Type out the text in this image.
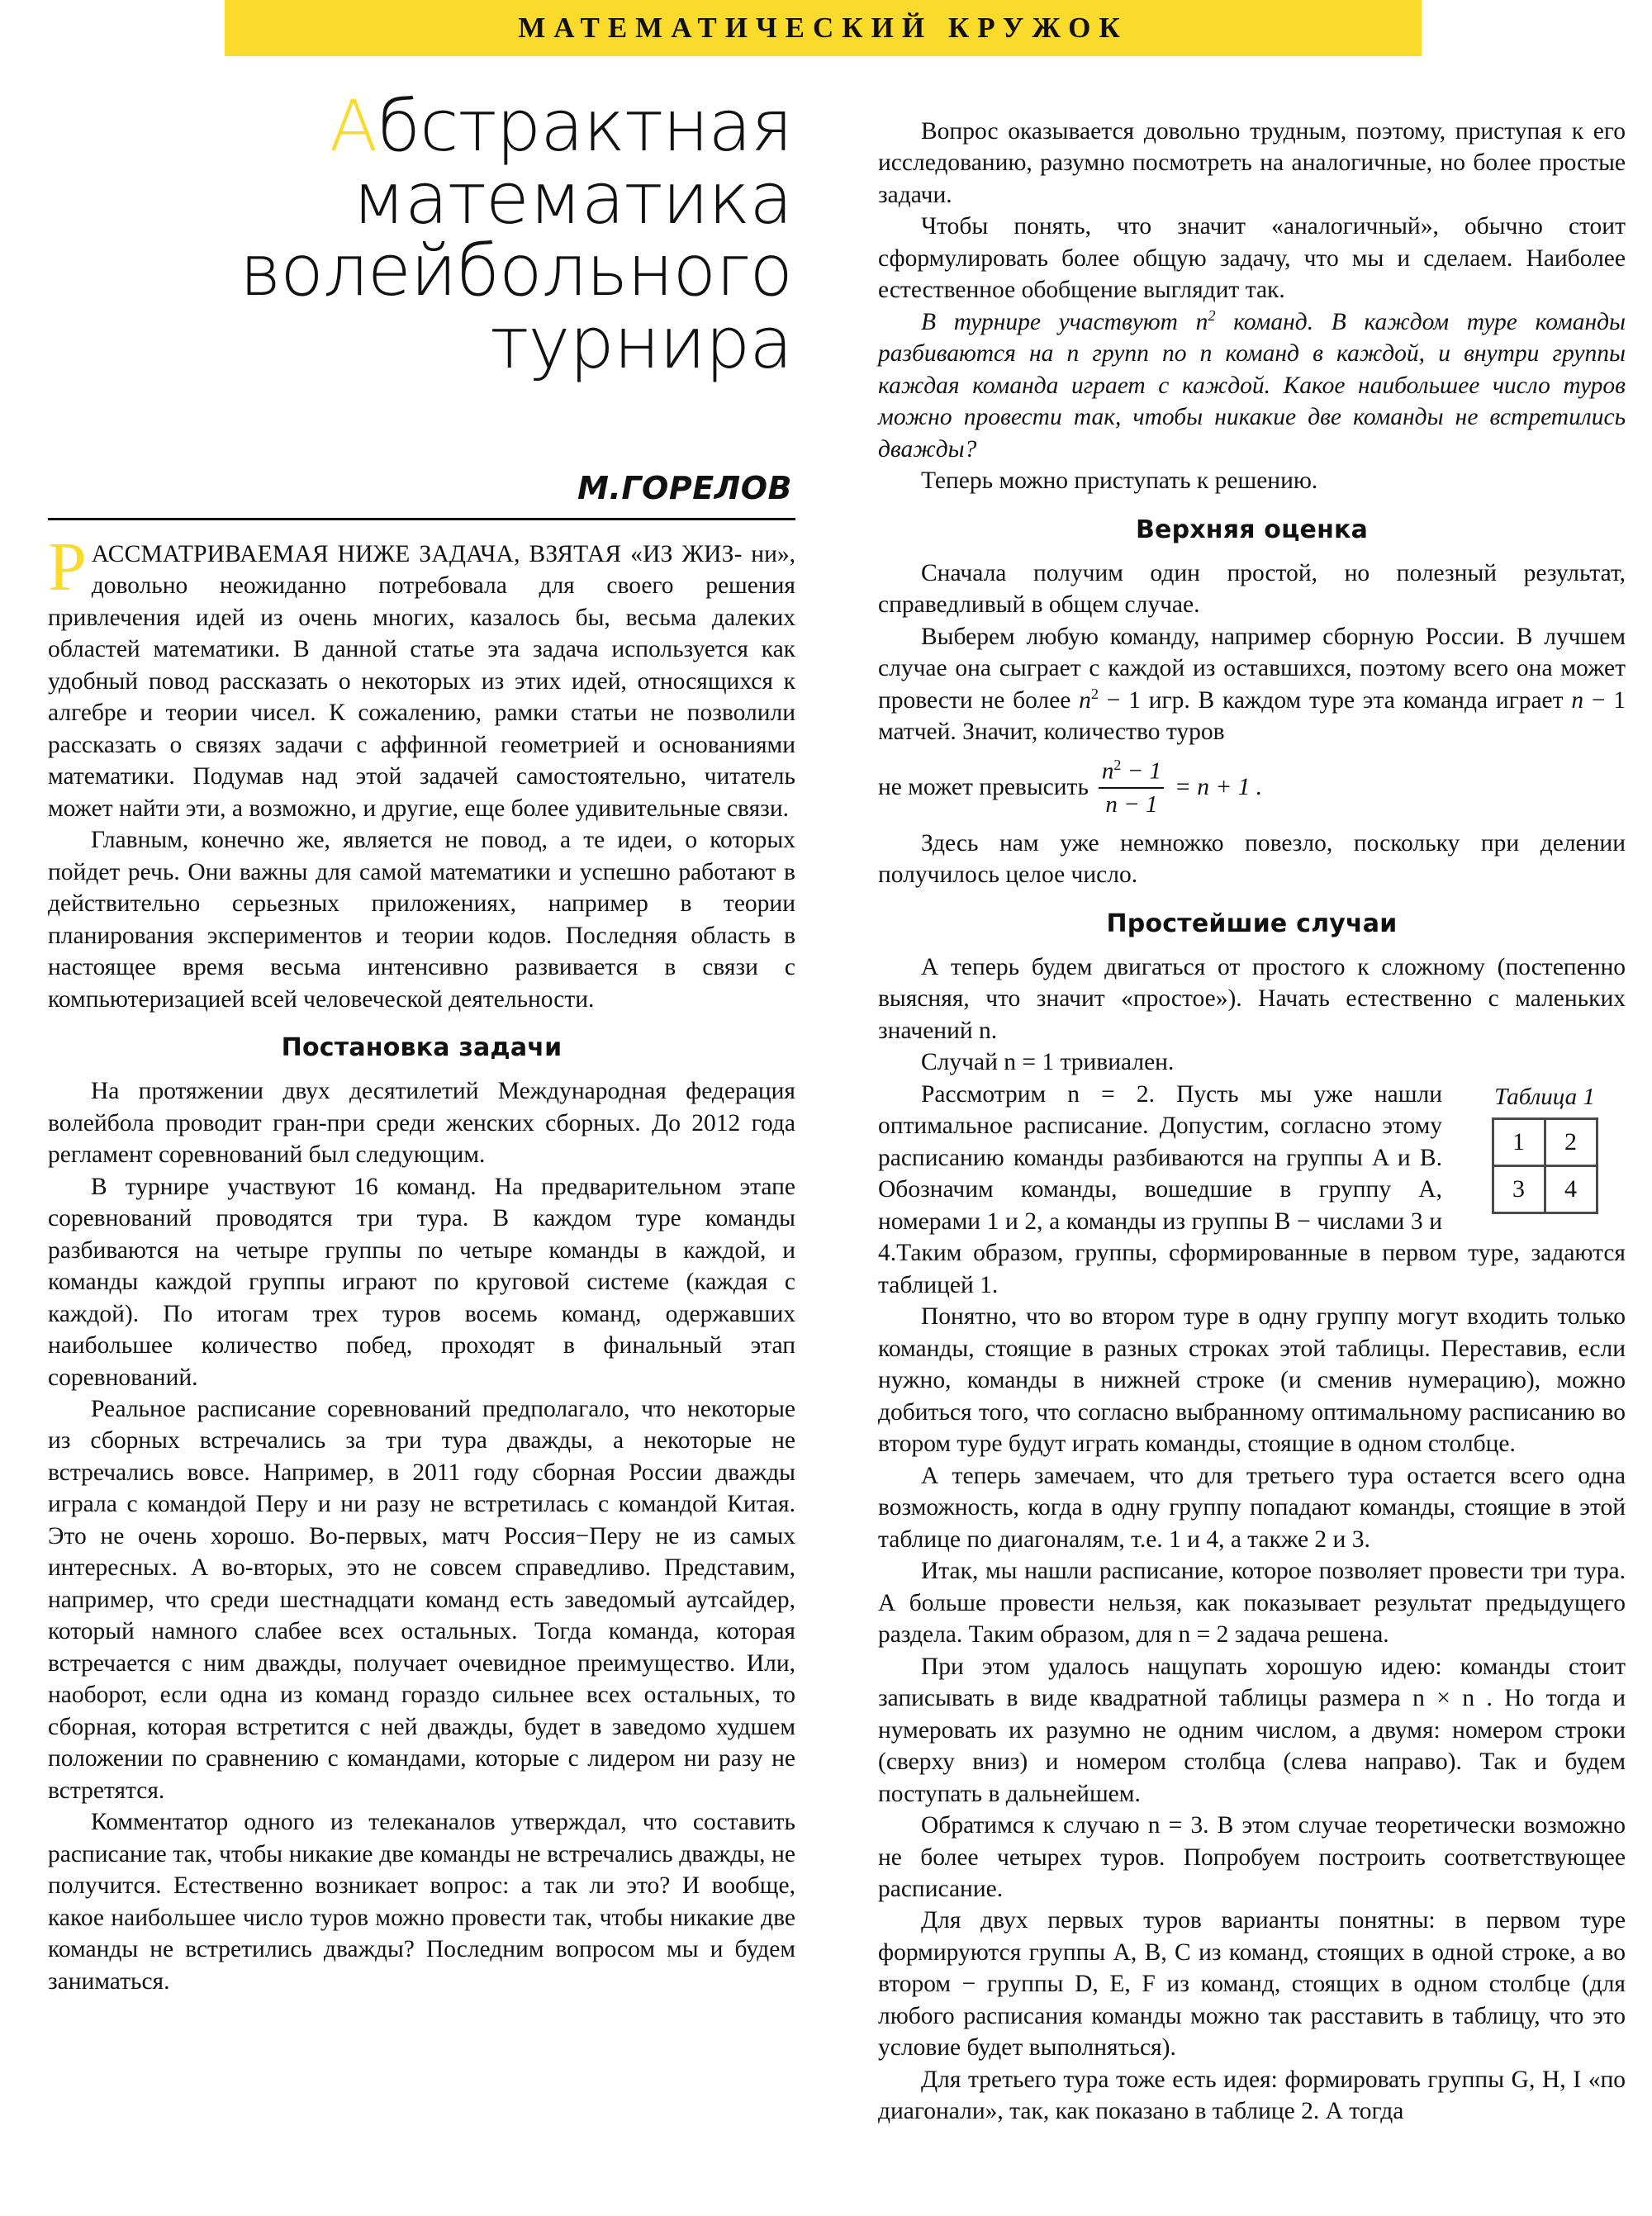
МАТЕМАТИЧЕСКИЙ КРУЖОК
Абстрактная
математика
волейбольного
турнира
М.ГОРЕЛОВ

РАССМАТРИВАЕМАЯ НИЖЕ ЗАДАЧА, ВЗЯТАЯ «ИЗ ЖИЗ- ни», довольно неожиданно потребовала для своего решения привлечения идей из очень многих, казалось бы, весьма далеких областей математики. В данной статье эта задача используется как удобный повод рассказать о некоторых из этих идей, относящихся к алгебре и теории чисел. К сожалению, рамки статьи не позволили рассказать о связях задачи с аффинной геометрией и основаниями математики. Подумав над этой задачей самостоятельно, читатель может найти эти, а возможно, и другие, еще более удивительные связи.

Главным, конечно же, является не повод, а те идеи, о которых пойдет речь. Они важны для самой математики и успешно работают в действительно серьезных приложениях, например в теории планирования экспериментов и теории кодов. Последняя область в настоящее время весьма интенсивно развивается в связи с компьютеризацией всей человеческой деятельности.

Постановка задачи

На протяжении двух десятилетий Международная федерация волейбола проводит гран-при среди женских сборных. До 2012 года регламент соревнований был следующим.

В турнире участвуют 16 команд. На предварительном этапе соревнований проводятся три тура. В каждом туре команды разбиваются на четыре группы по четыре команды в каждой, и команды каждой группы играют по круговой системе (каждая с каждой). По итогам трех туров восемь команд, одержавших наибольшее количество побед, проходят в финальный этап соревнований.

Реальное расписание соревнований предполагало, что некоторые из сборных встречались за три тура дважды, а некоторые не встречались вовсе. Например, в 2011 году сборная России дважды играла с командой Перу и ни разу не встретилась с командой Китая. Это не очень хорошо. Во-первых, матч Россия−Перу не из самых интересных. А во-вторых, это не совсем справедливо. Представим, например, что среди шестнадцати команд есть заведомый аутсайдер, который намного слабее всех остальных. Тогда команда, которая встречается с ним дважды, получает очевидное преимущество. Или, наоборот, если одна из команд гораздо сильнее всех остальных, то сборная, которая встретится с ней дважды, будет в заведомо худшем положении по сравнению с командами, которые с лидером ни разу не встретятся.

Комментатор одного из телеканалов утверждал, что составить расписание так, чтобы никакие две команды не встречались дважды, не получится. Естественно возникает вопрос: а так ли это? И вообще, какое наибольшее число туров можно провести так, чтобы никакие две команды не встретились дважды? Последним вопросом мы и будем заниматься.

Вопрос оказывается довольно трудным, поэтому, приступая к его исследованию, разумно посмотреть на аналогичные, но более простые задачи.

Чтобы понять, что значит «аналогичный», обычно стоит сформулировать более общую задачу, что мы и сделаем. Наиболее естественное обобщение выглядит так.

В турнире участвуют $n^2$ команд. В каждом туре команды разбиваются на n групп по n команд в каждой, и внутри группы каждая команда играет с каждой. Какое наибольшее число туров можно провести так, чтобы никакие две команды не встретились дважды?

Теперь можно приступать к решению.

Верхняя оценка

Сначала получим один простой, но полезный результат, справедливый в общем случае.

Выберем любую команду, например сборную России. В лучшем случае она сыграет с каждой из оставшихся, поэтому всего она может провести не более $n^2 - 1$ игр. В каждом туре эта команда играет n − 1 матчей. Значит, количество туров

не может превысить $\frac{n^2 - 1}{n - 1} = n + 1$ .

Здесь нам уже немножко повезло, поскольку при делении получилось целое число.

Простейшие случаи

А теперь будем двигаться от простого к сложному (постепенно выясняя, что значит «простое»). Начать естественно с маленьких значений n.

Случай n = 1 тривиален.

Таблица 1
1	2
3	4

Рассмотрим n = 2. Пусть мы уже нашли оптимальное расписание. Допустим, согласно этому расписанию команды разбиваются на группы A и B. Обозначим команды, вошедшие в группу A, номерами 1 и 2, а команды из группы B − числами 3 и 4.Таким образом, группы, сформированные в первом туре, задаются таблицей 1.

Понятно, что во втором туре в одну группу могут входить только команды, стоящие в разных строках этой таблицы. Переставив, если нужно, команды в нижней строке (и сменив нумерацию), можно добиться того, что согласно выбранному оптимальному расписанию во втором туре будут играть команды, стоящие в одном столбце.

А теперь замечаем, что для третьего тура остается всего одна возможность, когда в одну группу попадают команды, стоящие в этой таблице по диагоналям, т.е. 1 и 4, а также 2 и 3.

Итак, мы нашли расписание, которое позволяет провести три тура. А больше провести нельзя, как показывает результат предыдущего раздела. Таким образом, для n = 2 задача решена.

При этом удалось нащупать хорошую идею: команды стоит записывать в виде квадратной таблицы размера n × n . Но тогда и нумеровать их разумно не одним числом, а двумя: номером строки (сверху вниз) и номером столбца (слева направо). Так и будем поступать в дальнейшем.

Обратимся к случаю n = 3. В этом случае теоретически возможно не более четырех туров. Попробуем построить соответствующее расписание.

Для двух первых туров варианты понятны: в первом туре формируются группы A, B, C из команд, стоящих в одной строке, а во втором − группы D, E, F из команд, стоящих в одном столбце (для любого расписания команды можно так расставить в таблицу, что это условие будет выполняться).

Для третьего тура тоже есть идея: формировать группы G, H, I «по диагонали», так, как показано в таблице 2. А тогда
